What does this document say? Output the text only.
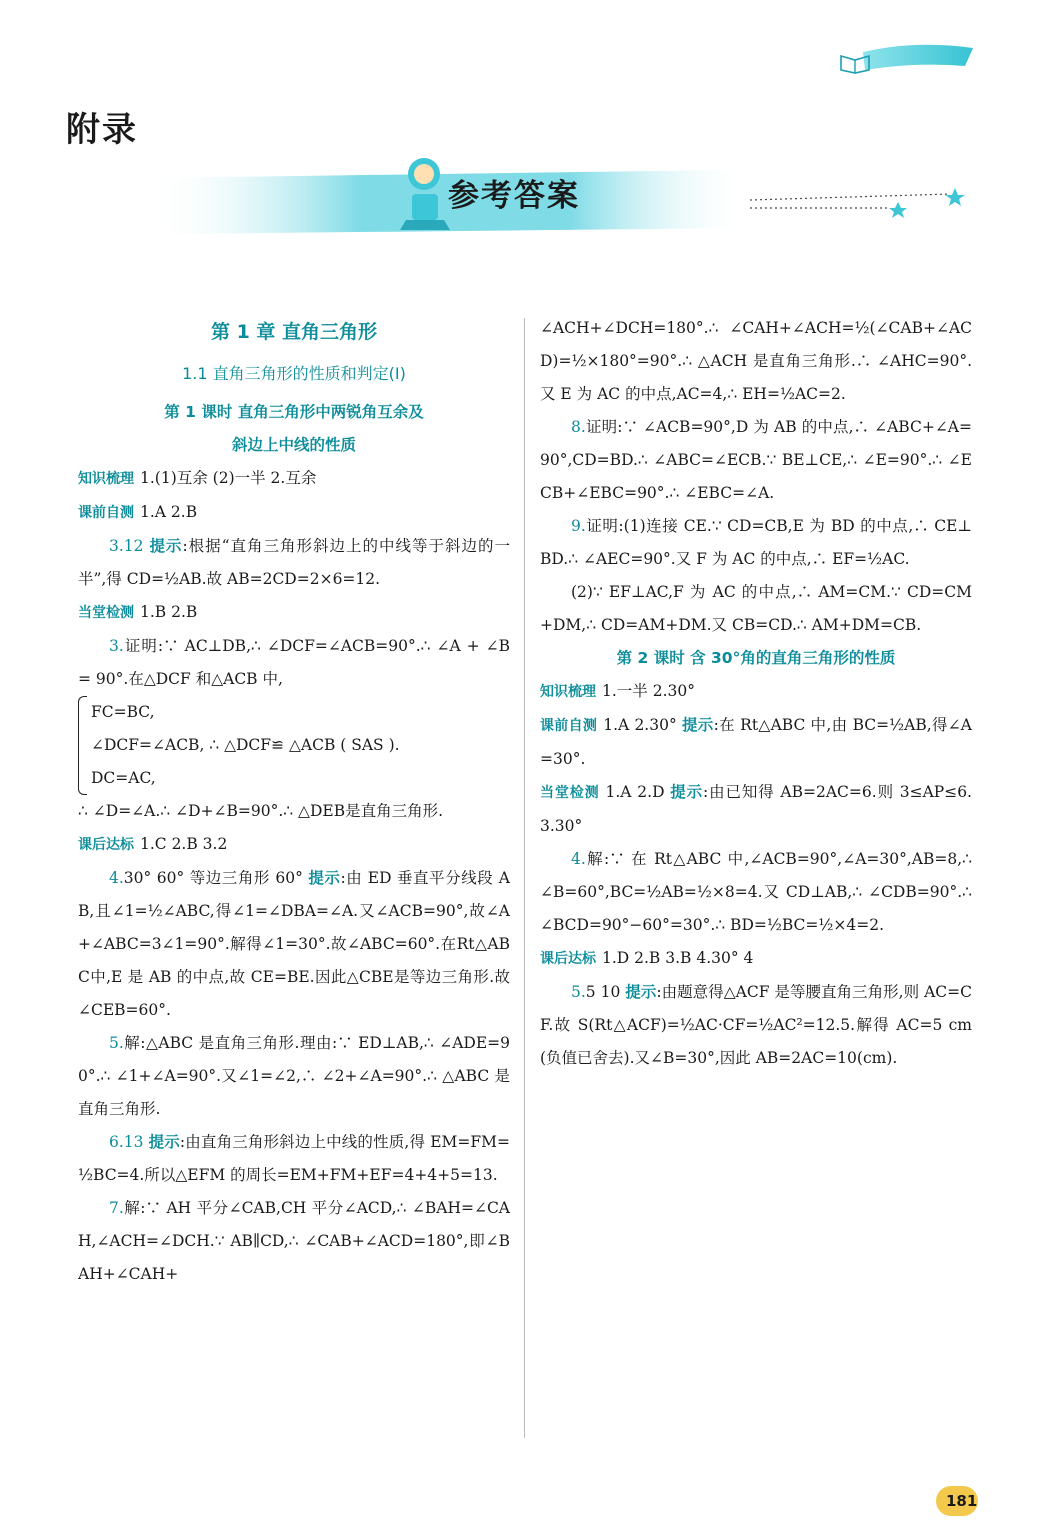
附录
参考答案

第 1 章 直角三角形

1.1 直角三角形的性质和判定(Ⅰ)

第 1 课时 直角三角形中两锐角互余及

斜边上中线的性质

知识梳理 1.(1)互余 (2)一半 2.互余

课前自测 1.A 2.B

3.12 提示:根据“直角三角形斜边上的中线等于斜边的一半”,得 CD=½AB.故 AB=2CD=2×6=12.

当堂检测 1.B 2.B

3.证明:∵ AC⊥DB,∴ ∠DCF=∠ACB=90°.∴ ∠A + ∠B = 90°.在△DCF 和△ACB 中,

FC=BC,
∠DCF=∠ACB, ∴ △DCF≌ △ACB ( SAS ).
DC=AC,

∴ ∠D=∠A.∴ ∠D+∠B=90°.∴ △DEB是直角三角形.

课后达标 1.C 2.B 3.2

4.30° 60° 等边三角形 60° 提示:由 ED 垂直平分线段 AB,且∠1=½∠ABC,得∠1=∠DBA=∠A.又∠ACB=90°,故∠A+∠ABC=3∠1=90°.解得∠1=30°.故∠ABC=60°.在Rt△ABC中,E 是 AB 的中点,故 CE=BE.因此△CBE是等边三角形.故∠CEB=60°.

5.解:△ABC 是直角三角形.理由:∵ ED⊥AB,∴ ∠ADE=90°.∴ ∠1+∠A=90°.又∠1=∠2,∴ ∠2+∠A=90°.∴ △ABC 是直角三角形.

6.13 提示:由直角三角形斜边上中线的性质,得 EM=FM=½BC=4.所以△EFM 的周长=EM+FM+EF=4+4+5=13.

7.解:∵ AH 平分∠CAB,CH 平分∠ACD,∴ ∠BAH=∠CAH,∠ACH=∠DCH.∵ AB∥CD,∴ ∠CAB+∠ACD=180°,即∠BAH+∠CAH+

∠ACH+∠DCH=180°.∴ ∠CAH+∠ACH=½(∠CAB+∠ACD)=½×180°=90°.∴ △ACH 是直角三角形.∴ ∠AHC=90°.又 E 为 AC 的中点,AC=4,∴ EH=½AC=2.

8.证明:∵ ∠ACB=90°,D 为 AB 的中点,∴ ∠ABC+∠A=90°,CD=BD.∴ ∠ABC=∠ECB.∵ BE⊥CE,∴ ∠E=90°.∴ ∠ECB+∠EBC=90°.∴ ∠EBC=∠A.

9.证明:(1)连接 CE.∵ CD=CB,E 为 BD 的中点,∴ CE⊥BD.∴ ∠AEC=90°.又 F 为 AC 的中点,∴ EF=½AC.

(2)∵ EF⊥AC,F 为 AC 的中点,∴ AM=CM.∵ CD=CM+DM,∴ CD=AM+DM.又 CB=CD.∴ AM+DM=CB.

第 2 课时 含 30°角的直角三角形的性质

知识梳理 1.一半 2.30°

课前自测 1.A 2.30° 提示:在 Rt△ABC 中,由 BC=½AB,得∠A=30°.

当堂检测 1.A 2.D 提示:由已知得 AB=2AC=6.则 3≤AP≤6. 3.30°

4.解:∵ 在 Rt△ABC 中,∠ACB=90°,∠A=30°,AB=8,∴ ∠B=60°,BC=½AB=½×8=4.又 CD⊥AB,∴ ∠CDB=90°.∴ ∠BCD=90°−60°=30°.∴ BD=½BC=½×4=2.

课后达标 1.D 2.B 3.B 4.30° 4

5.5 10 提示:由题意得△ACF 是等腰直角三角形,则 AC=CF.故 S(Rt△ACF)=½AC·CF=½AC²=12.5.解得 AC=5 cm(负值已舍去).又∠B=30°,因此 AB=2AC=10(cm).

181
